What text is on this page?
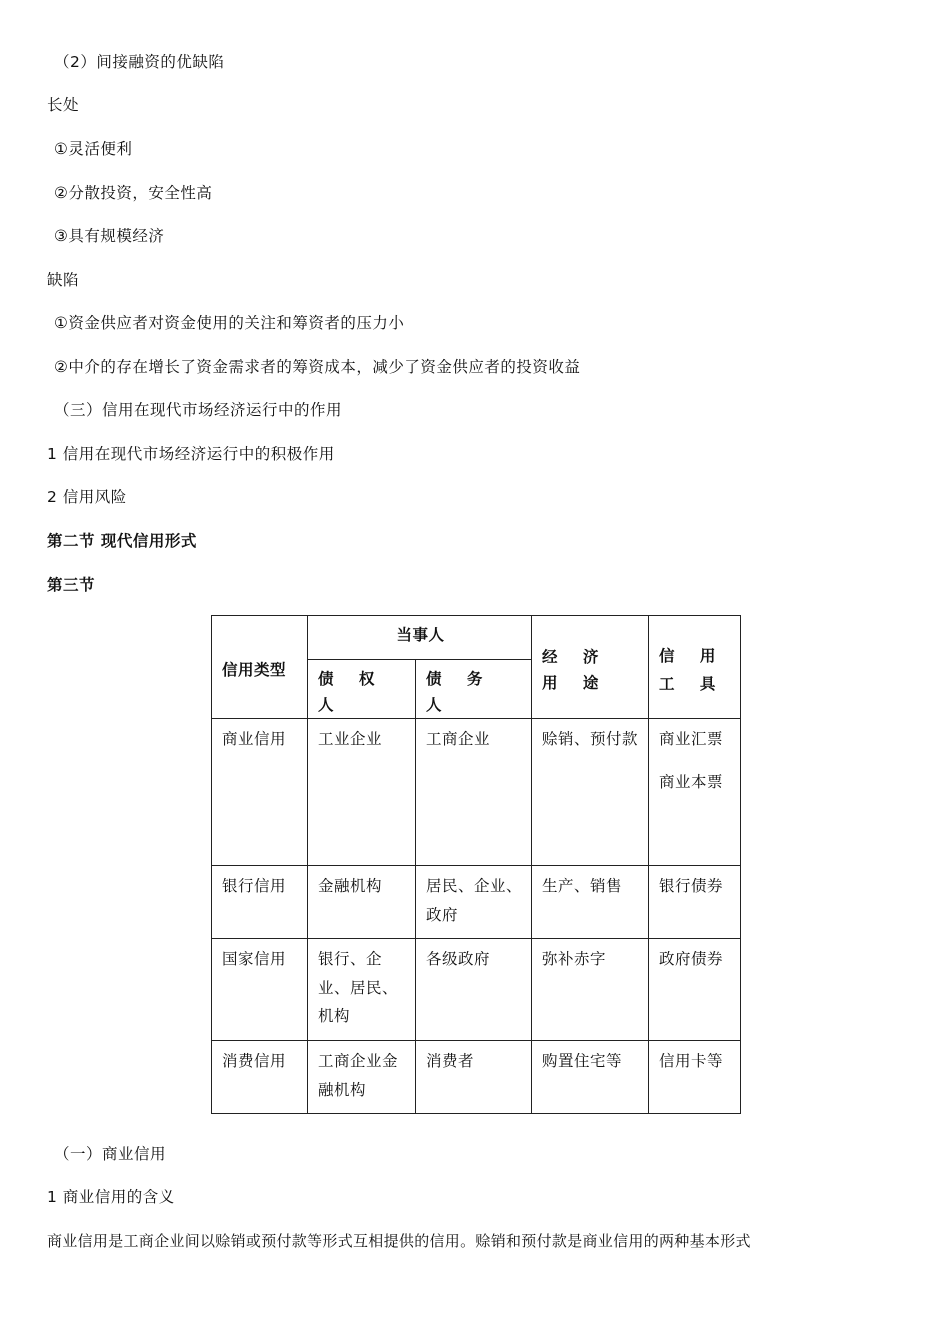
（2）间接融资的优缺陷
长处
①灵活便利
②分散投资，安全性高
③具有规模经济
缺陷
①资金供应者对资金使用的关注和筹资者的压力小
②中介的存在增长了资金需求者的筹资成本，减少了资金供应者的投资收益
（三）信用在现代市场经济运行中的作用
1 信用在现代市场经济运行中的积极作用
2 信用风险
第二节 现代信用形式
第三节
信用类型	当事人		经 济 用 途	信 用 工 具
	债 权 人	债 务 人		
商业信用	工业企业	工商企业	赊销、预付款	商业汇票
商业本票

银行信用	金融机构	居民、企业、政府	生产、销售	银行债券

国家信用	银行、企业、居民、机构	各级政府	弥补赤字	政府债券

消费信用	工商企业金融机构	消费者	购置住宅等	信用卡等
（一）商业信用
1 商业信用的含义
商业信用是工商企业间以赊销或预付款等形式互相提供的信用。赊销和预付款是商业信用的两种基本形式
